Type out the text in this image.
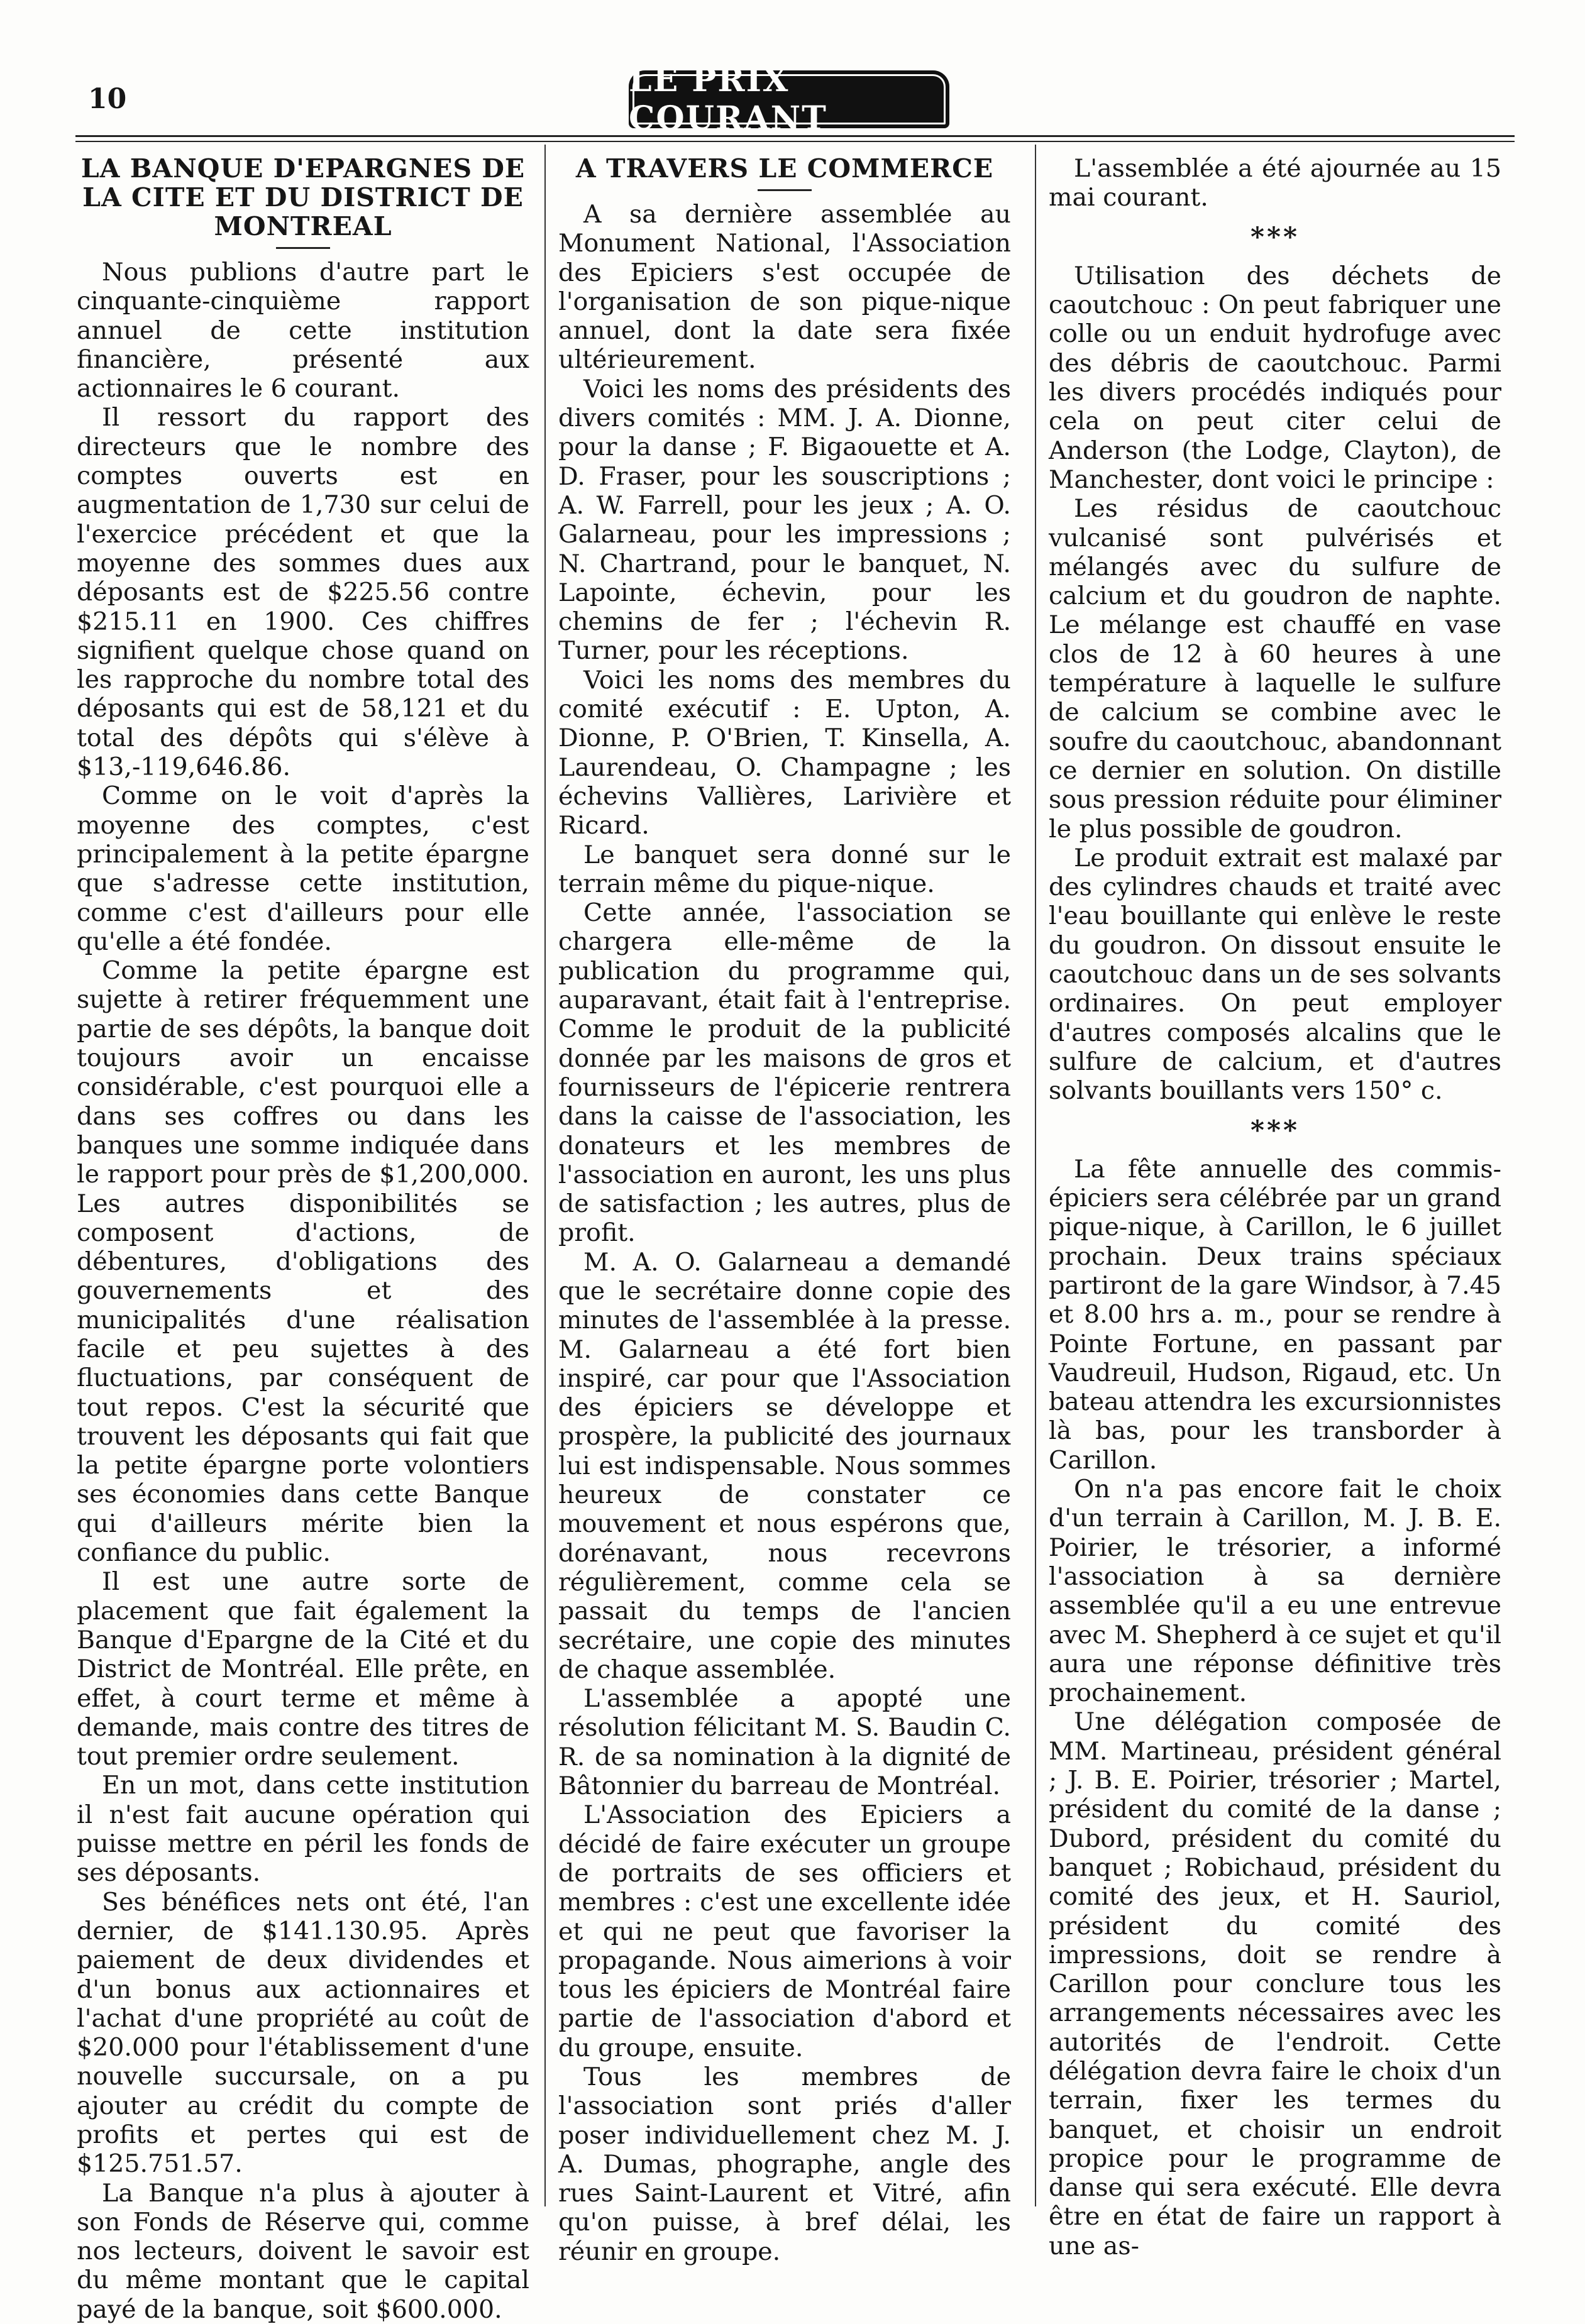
10	LE PRIX COURANT
LA BANQUE D'EPARGNES DE LA CITE ET DU DISTRICT DE MONTREAL

Nous publions d'autre part le cinquante-cinquième rapport annuel de cette institution financière, présenté aux actionnaires le 6 courant.

Il ressort du rapport des directeurs que le nombre des comptes ouverts est en augmentation de 1,730 sur celui de l'exercice précédent et que la moyenne des sommes dues aux déposants est de $225.56 contre $215.11 en 1900. Ces chiffres signifient quelque chose quand on les rapproche du nombre total des déposants qui est de 58,121 et du total des dépôts qui s'élève à $13,-119,646.86.

Comme on le voit d'après la moyenne des comptes, c'est principalement à la petite épargne que s'adresse cette institution, comme c'est d'ailleurs pour elle qu'elle a été fondée.

Comme la petite épargne est sujette à retirer fréquemment une partie de ses dépôts, la banque doit toujours avoir un encaisse considérable, c'est pourquoi elle a dans ses coffres ou dans les banques une somme indiquée dans le rapport pour près de $1,200,000. Les autres disponibilités se composent d'actions, de débentures, d'obligations des gouvernements et des municipalités d'une réalisation facile et peu sujettes à des fluctuations, par conséquent de tout repos. C'est la sécurité que trouvent les déposants qui fait que la petite épargne porte volontiers ses économies dans cette Banque qui d'ailleurs mérite bien la confiance du public.

Il est une autre sorte de placement que fait également la Banque d'Epargne de la Cité et du District de Montréal. Elle prête, en effet, à court terme et même à demande, mais contre des titres de tout premier ordre seulement.

En un mot, dans cette institution il n'est fait aucune opération qui puisse mettre en péril les fonds de ses déposants.

Ses bénéfices nets ont été, l'an dernier, de $141.130.95. Après paiement de deux dividendes et d'un bonus aux actionnaires et l'achat d'une propriété au coût de $20.000 pour l'établissement d'une nouvelle succursale, on a pu ajouter au crédit du compte de profits et pertes qui est de $125.751.57.

La Banque n'a plus à ajouter à son Fonds de Réserve qui, comme nos lecteurs, doivent le savoir est du même montant que le capital payé de la banque, soit $600.000.

A TRAVERS LE COMMERCE

A sa dernière assemblée au Monument National, l'Association des Epiciers s'est occupée de l'organisation de son pique-nique annuel, dont la date sera fixée ultérieurement.

Voici les noms des présidents des divers comités : MM. J. A. Dionne, pour la danse ; F. Bigaouette et A. D. Fraser, pour les souscriptions ; A. W. Farrell, pour les jeux ; A. O. Galarneau, pour les impressions ; N. Chartrand, pour le banquet, N. Lapointe, échevin, pour les chemins de fer ; l'échevin R. Turner, pour les réceptions.

Voici les noms des membres du comité exécutif : E. Upton, A. Dionne, P. O'Brien, T. Kinsella, A. Laurendeau, O. Champagne ; les échevins Vallières, Larivière et Ricard.

Le banquet sera donné sur le terrain même du pique-nique.

Cette année, l'association se chargera elle-même de la publication du programme qui, auparavant, était fait à l'entreprise. Comme le produit de la publicité donnée par les maisons de gros et fournisseurs de l'épicerie rentrera dans la caisse de l'association, les donateurs et les membres de l'association en auront, les uns plus de satisfaction ; les autres, plus de profit.

M. A. O. Galarneau a demandé que le secrétaire donne copie des minutes de l'assemblée à la presse. M. Galarneau a été fort bien inspiré, car pour que l'Association des épiciers se développe et prospère, la publicité des journaux lui est indispensable. Nous sommes heureux de constater ce mouvement et nous espérons que, dorénavant, nous recevrons régulièrement, comme cela se passait du temps de l'ancien secrétaire, une copie des minutes de chaque assemblée.

L'assemblée a apopté une résolution félicitant M. S. Baudin C. R. de sa nomination à la dignité de Bâtonnier du barreau de Montréal.

L'Association des Epiciers a décidé de faire exécuter un groupe de portraits de ses officiers et membres : c'est une excellente idée et qui ne peut que favoriser la propagande. Nous aimerions à voir tous les épiciers de Montréal faire partie de l'association d'abord et du groupe, ensuite.

Tous les membres de l'association sont priés d'aller poser individuellement chez M. J. A. Dumas, phographe, angle des rues Saint-Laurent et Vitré, afin qu'on puisse, à bref délai, les réunir en groupe.

L'assemblée a été ajournée au 15 mai courant.

***

Utilisation des déchets de caoutchouc : On peut fabriquer une colle ou un enduit hydrofuge avec des débris de caoutchouc. Parmi les divers procédés indiqués pour cela on peut citer celui de Anderson (the Lodge, Clayton), de Manchester, dont voici le principe :

Les résidus de caoutchouc vulcanisé sont pulvérisés et mélangés avec du sulfure de calcium et du goudron de naphte. Le mélange est chauffé en vase clos de 12 à 60 heures à une température à laquelle le sulfure de calcium se combine avec le soufre du caoutchouc, abandonnant ce dernier en solution. On distille sous pression réduite pour éliminer le plus possible de goudron.

Le produit extrait est malaxé par des cylindres chauds et traité avec l'eau bouillante qui enlève le reste du goudron. On dissout ensuite le caoutchouc dans un de ses solvants ordinaires. On peut employer d'autres composés alcalins que le sulfure de calcium, et d'autres solvants bouillants vers 150° c.

***

La fête annuelle des commis-épiciers sera célébrée par un grand pique-nique, à Carillon, le 6 juillet prochain. Deux trains spéciaux partiront de la gare Windsor, à 7.45 et 8.00 hrs a. m., pour se rendre à Pointe Fortune, en passant par Vaudreuil, Hudson, Rigaud, etc. Un bateau attendra les excursionnistes là bas, pour les transborder à Carillon.

On n'a pas encore fait le choix d'un terrain à Carillon, M. J. B. E. Poirier, le trésorier, a informé l'association à sa dernière assemblée qu'il a eu une entrevue avec M. Shepherd à ce sujet et qu'il aura une réponse définitive très prochainement.

Une délégation composée de MM. Martineau, président général ; J. B. E. Poirier, trésorier ; Martel, président du comité de la danse ; Dubord, président du comité du banquet ; Robichaud, président du comité des jeux, et H. Sauriol, président du comité des impressions, doit se rendre à Carillon pour conclure tous les arrangements nécessaires avec les autorités de l'endroit. Cette délégation devra faire le choix d'un terrain, fixer les termes du banquet, et choisir un endroit propice pour le programme de danse qui sera exécuté. Elle devra être en état de faire un rapport à une as-
